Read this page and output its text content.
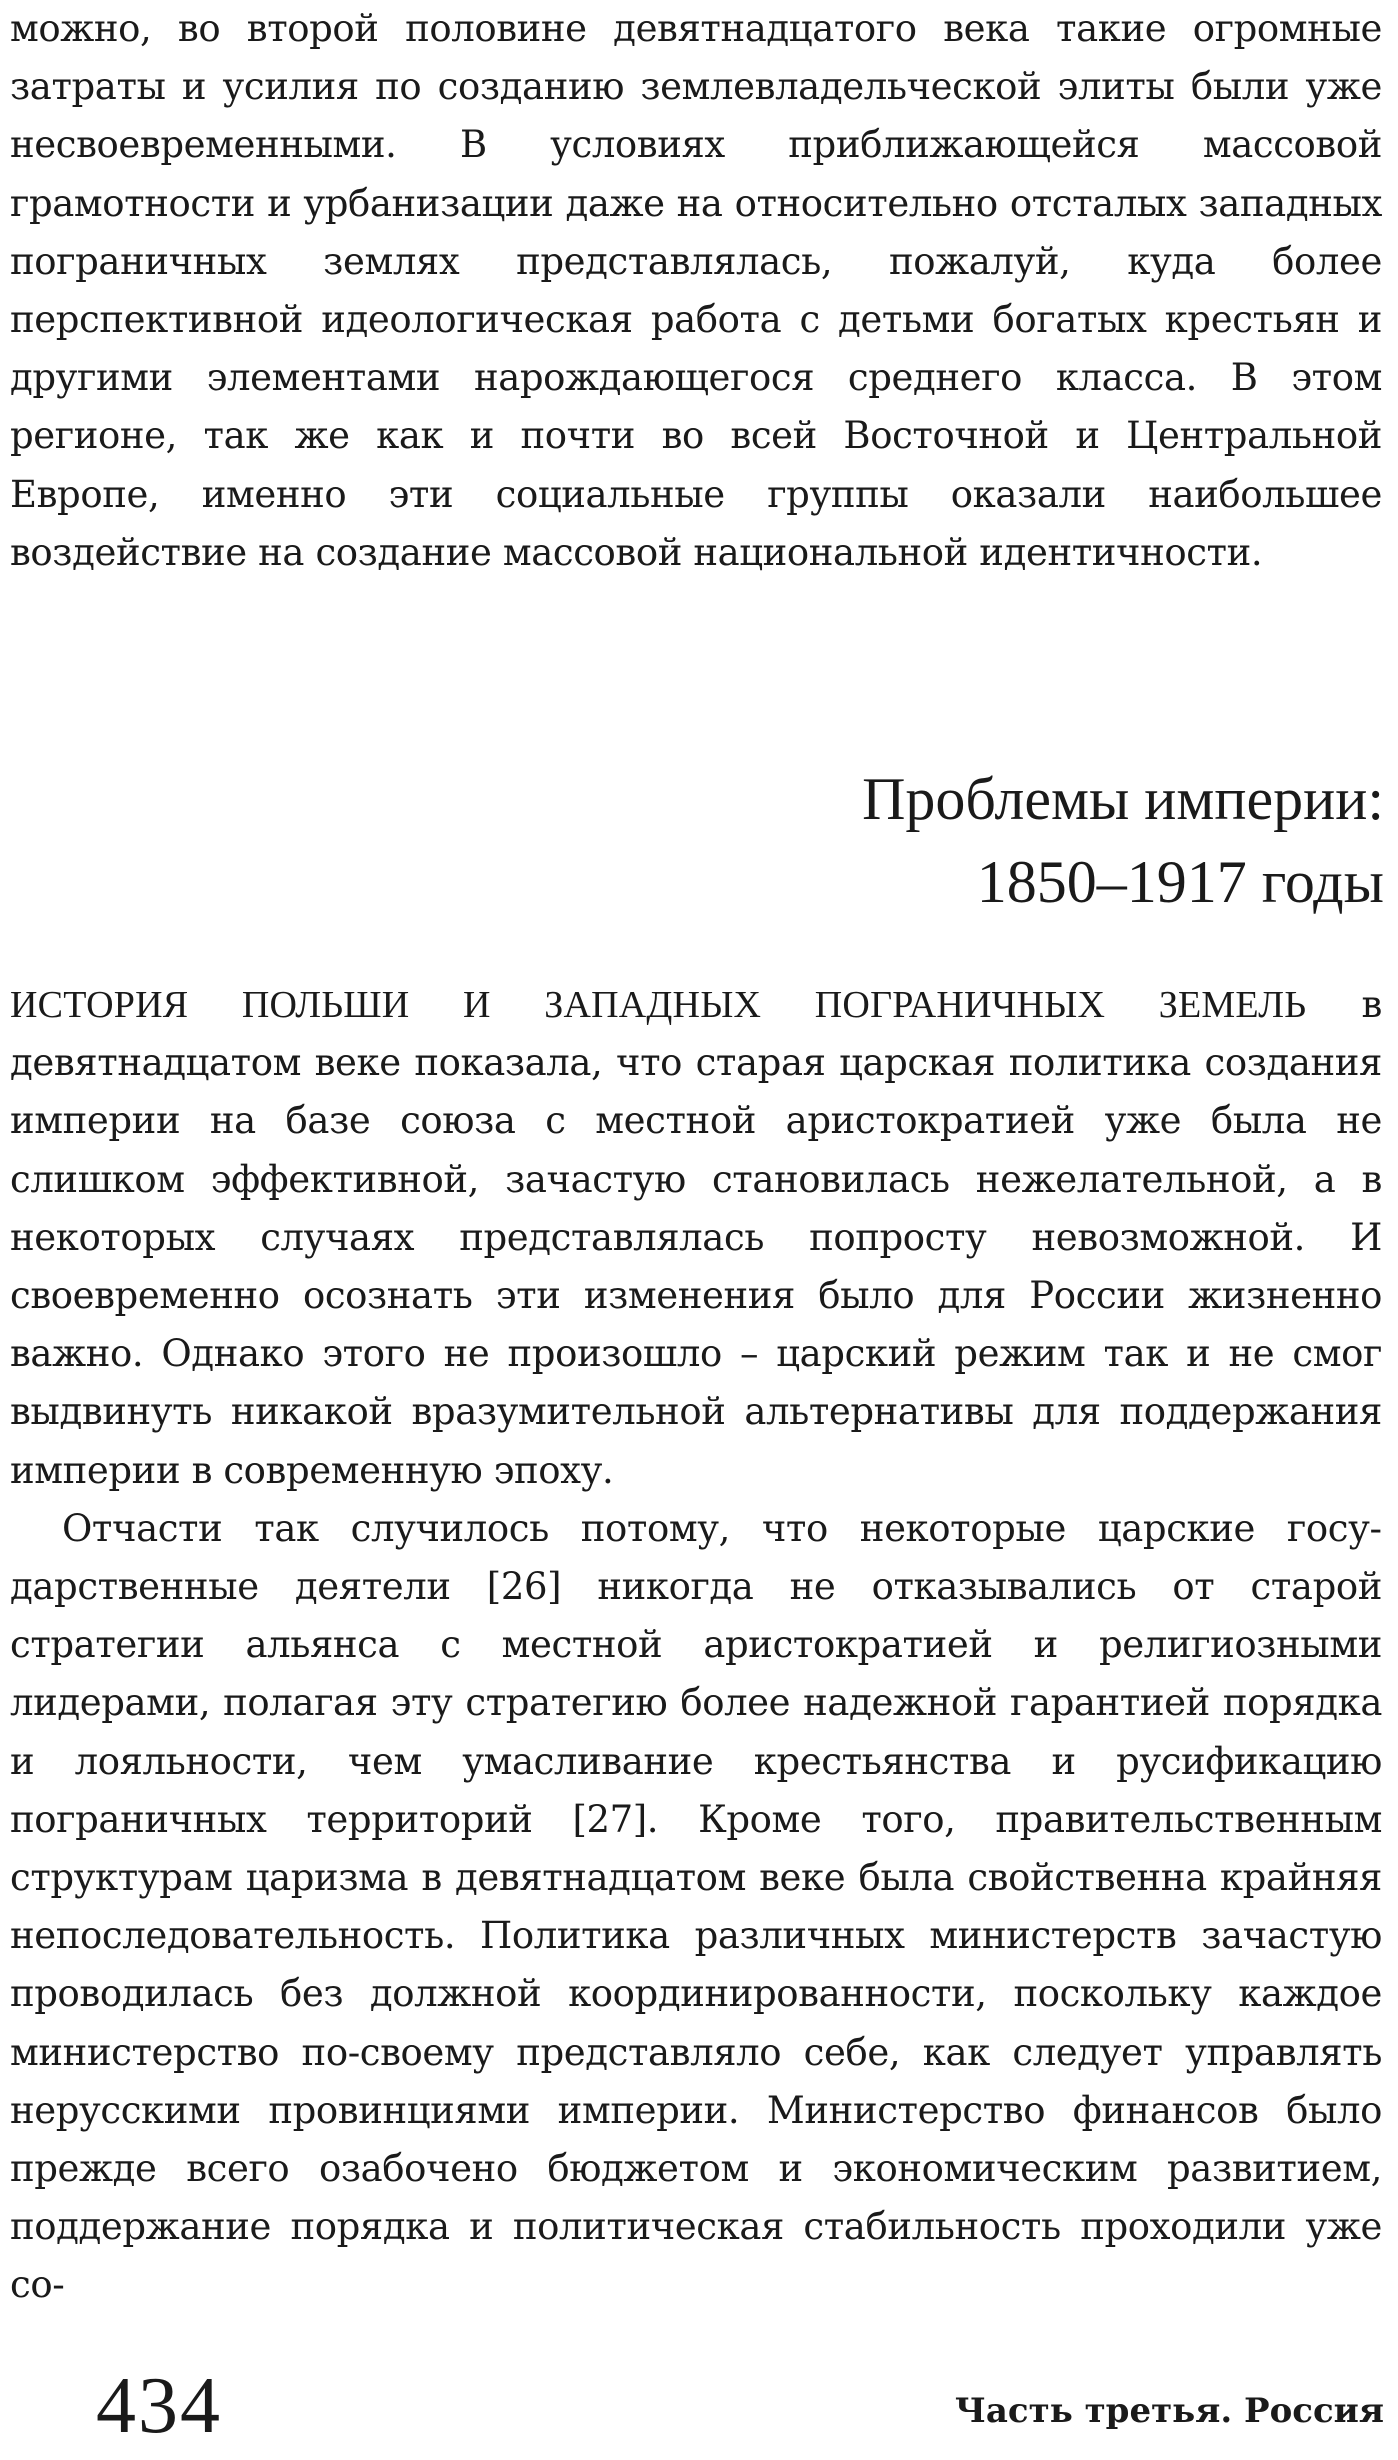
можно, во второй половине девятнадцатого века такие огромные затраты и усилия по созданию землевладельческой элиты были уже несвоевременными. В условиях приближающейся массовой грамотности и урбанизации даже на относительно отсталых западных пограничных землях представлялась, пожалуй, куда более перспективной идеологическая работа с детьми богатых крестьян и другими элементами нарождающегося среднего класса. В этом регионе, так же как и почти во всей Восточной и Центральной Европе, именно эти социальные группы оказали наибольшее воздействие на создание массовой национальной идентичности.

Проблемы империи:
1850–1917 годы

ИСТОРИЯ ПОЛЬШИ И ЗАПАДНЫХ ПОГРАНИЧНЫХ ЗЕМЕЛЬ в девятнадцатом веке показала, что старая царская политика создания империи на базе союза с местной аристократией уже была не слишком эффективной, зачастую становилась нежелательной, а в некоторых случаях представлялась попросту невозможной. И своевременно осознать эти изменения было для России жизненно важно. Однако этого не произошло – царский режим так и не смог выдвинуть никакой вразумительной альтернативы для поддержания империи в современную эпоху.

Отчасти так случилось потому, что некоторые царские государственные деятели [26] никогда не отказывались от старой стратегии альянса с местной аристократией и религиозными лидерами, полагая эту стратегию более надежной гарантией порядка и лояльности, чем умасливание крестьянства и русификацию пограничных территорий [27]. Кроме того, правительственным структурам царизма в девятнадцатом веке была свойственна крайняя непоследовательность. Политика различных министерств зачастую проводилась без должной координированности, поскольку каждое министерство по-своему представляло себе, как следует управлять нерусскими провинциями империи. Министерство финансов было прежде всего озабочено бюджетом и экономическим развитием, поддержание порядка и политическая стабильность проходили уже со-

434	Часть третья. Россия
